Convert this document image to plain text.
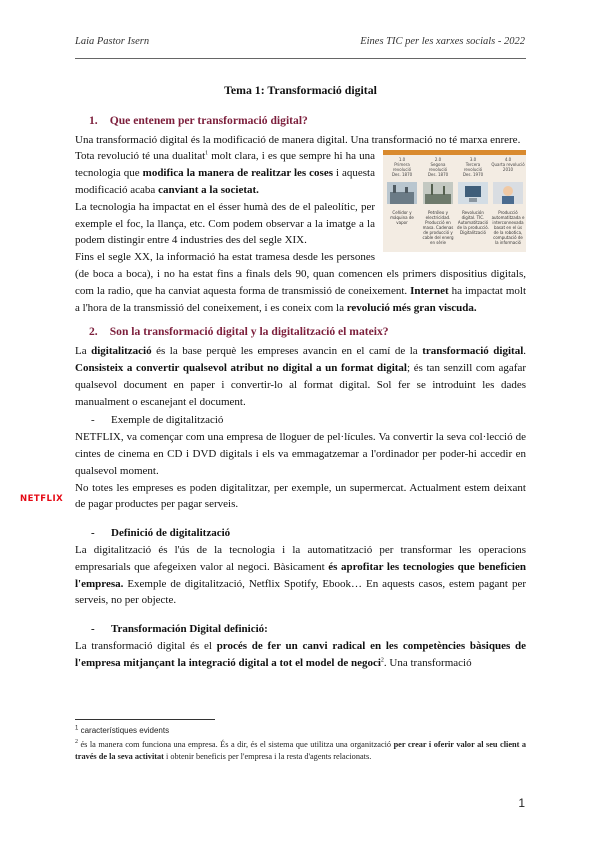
Laia Pastor Isern	Eines TIC per les xarxes socials - 2022
NETFLIX
Tema 1: Transformació digital
1. Que entenem per transformació digital?

Una transformació digital és la modificació de manera digital. Una transformació no té marxa enrere.

1.0
Primera revolució
Des. 1870
2.0
Segona revolució
Des. 1870
3.0
Tercera revolució
Des. 1970
4.0
Quarta revolució
2010
Ceñidor y máquina de vapor
Petróleo y electricidad. Producció en masa. Cadenas de producció y cable del energ en sèrie
Revolución digital. TIC. Automatització de la producció. Digitalització
Producció automatitzada e interconnexada basat en el ús de la robotica, computació de la informació

Tota revolució té una dualitat$^1$ molt clara, i es que sempre hi ha una tecnologia que modifica la manera de realitzar les coses i aquesta modificació acaba canviant a la societat.

La tecnologia ha impactat en el ésser humà des de el paleolític, per exemple el foc, la llança, etc. Com podem observar a la imatge a la podem distingir entre 4 industries des del segle XIX.

Fins el segle XX, la informació ha estat tramesa desde les persones (de boca a boca), i no ha estat fins a finals dels 90, quan comencen els primers dispositius digitals, com la radio, que ha canviat aquesta forma de transmissió de coneixement. Internet ha impactat molt a l'hora de la transmissió del coneixement, i es coneix com la revolució més gran viscuda.

2. Son la transformació digital y la digitalització el mateix?

La digitalització és la base perquè les empreses avancin en el camí de la transformació digital. Consisteix a convertir qualsevol atribut no digital a un format digital; és tan senzill com agafar qualsevol document en paper i convertir-lo al format digital. Sol fer se introduint les dades manualment o escanejant el document.

- Exemple de digitalització

NETFLIX, va començar com una empresa de lloguer de pel·lícules. Va convertir la seva col·lecció de cintes de cinema en CD i DVD digitals i els va emmagatzemar a l'ordinador per poder-hi accedir en qualsevol moment.

No totes les empreses es poden digitalitzar, per exemple, un supermercat. Actualment estem deixant de pagar productes per pagar serveis.

- Definició de digitalització

La digitalització és l'ús de la tecnologia i la automatització per transformar les operacions empresarials que afegeixen valor al negoci. Bàsicament és aprofitar les tecnologies que beneficien l'empresa. Exemple de digitalització, Netflix Spotify, Ebook… En aquests casos, estem pagant per serveis, no per objecte.

- Transformación Digital definició:

La transformació digital és el procés de fer un canvi radical en les competències bàsiques de l'empresa mitjançant la integració digital a tot el model de negoci$^2$. Una transformació

$^1$ característiques evidents
$^2$ és la manera com funciona una empresa. És a dir, és el sistema que utilitza una organització per crear i oferir valor al seu client a través de la seva activitat i obtenir beneficis per l'empresa i la resta d'agents relacionats.
1
